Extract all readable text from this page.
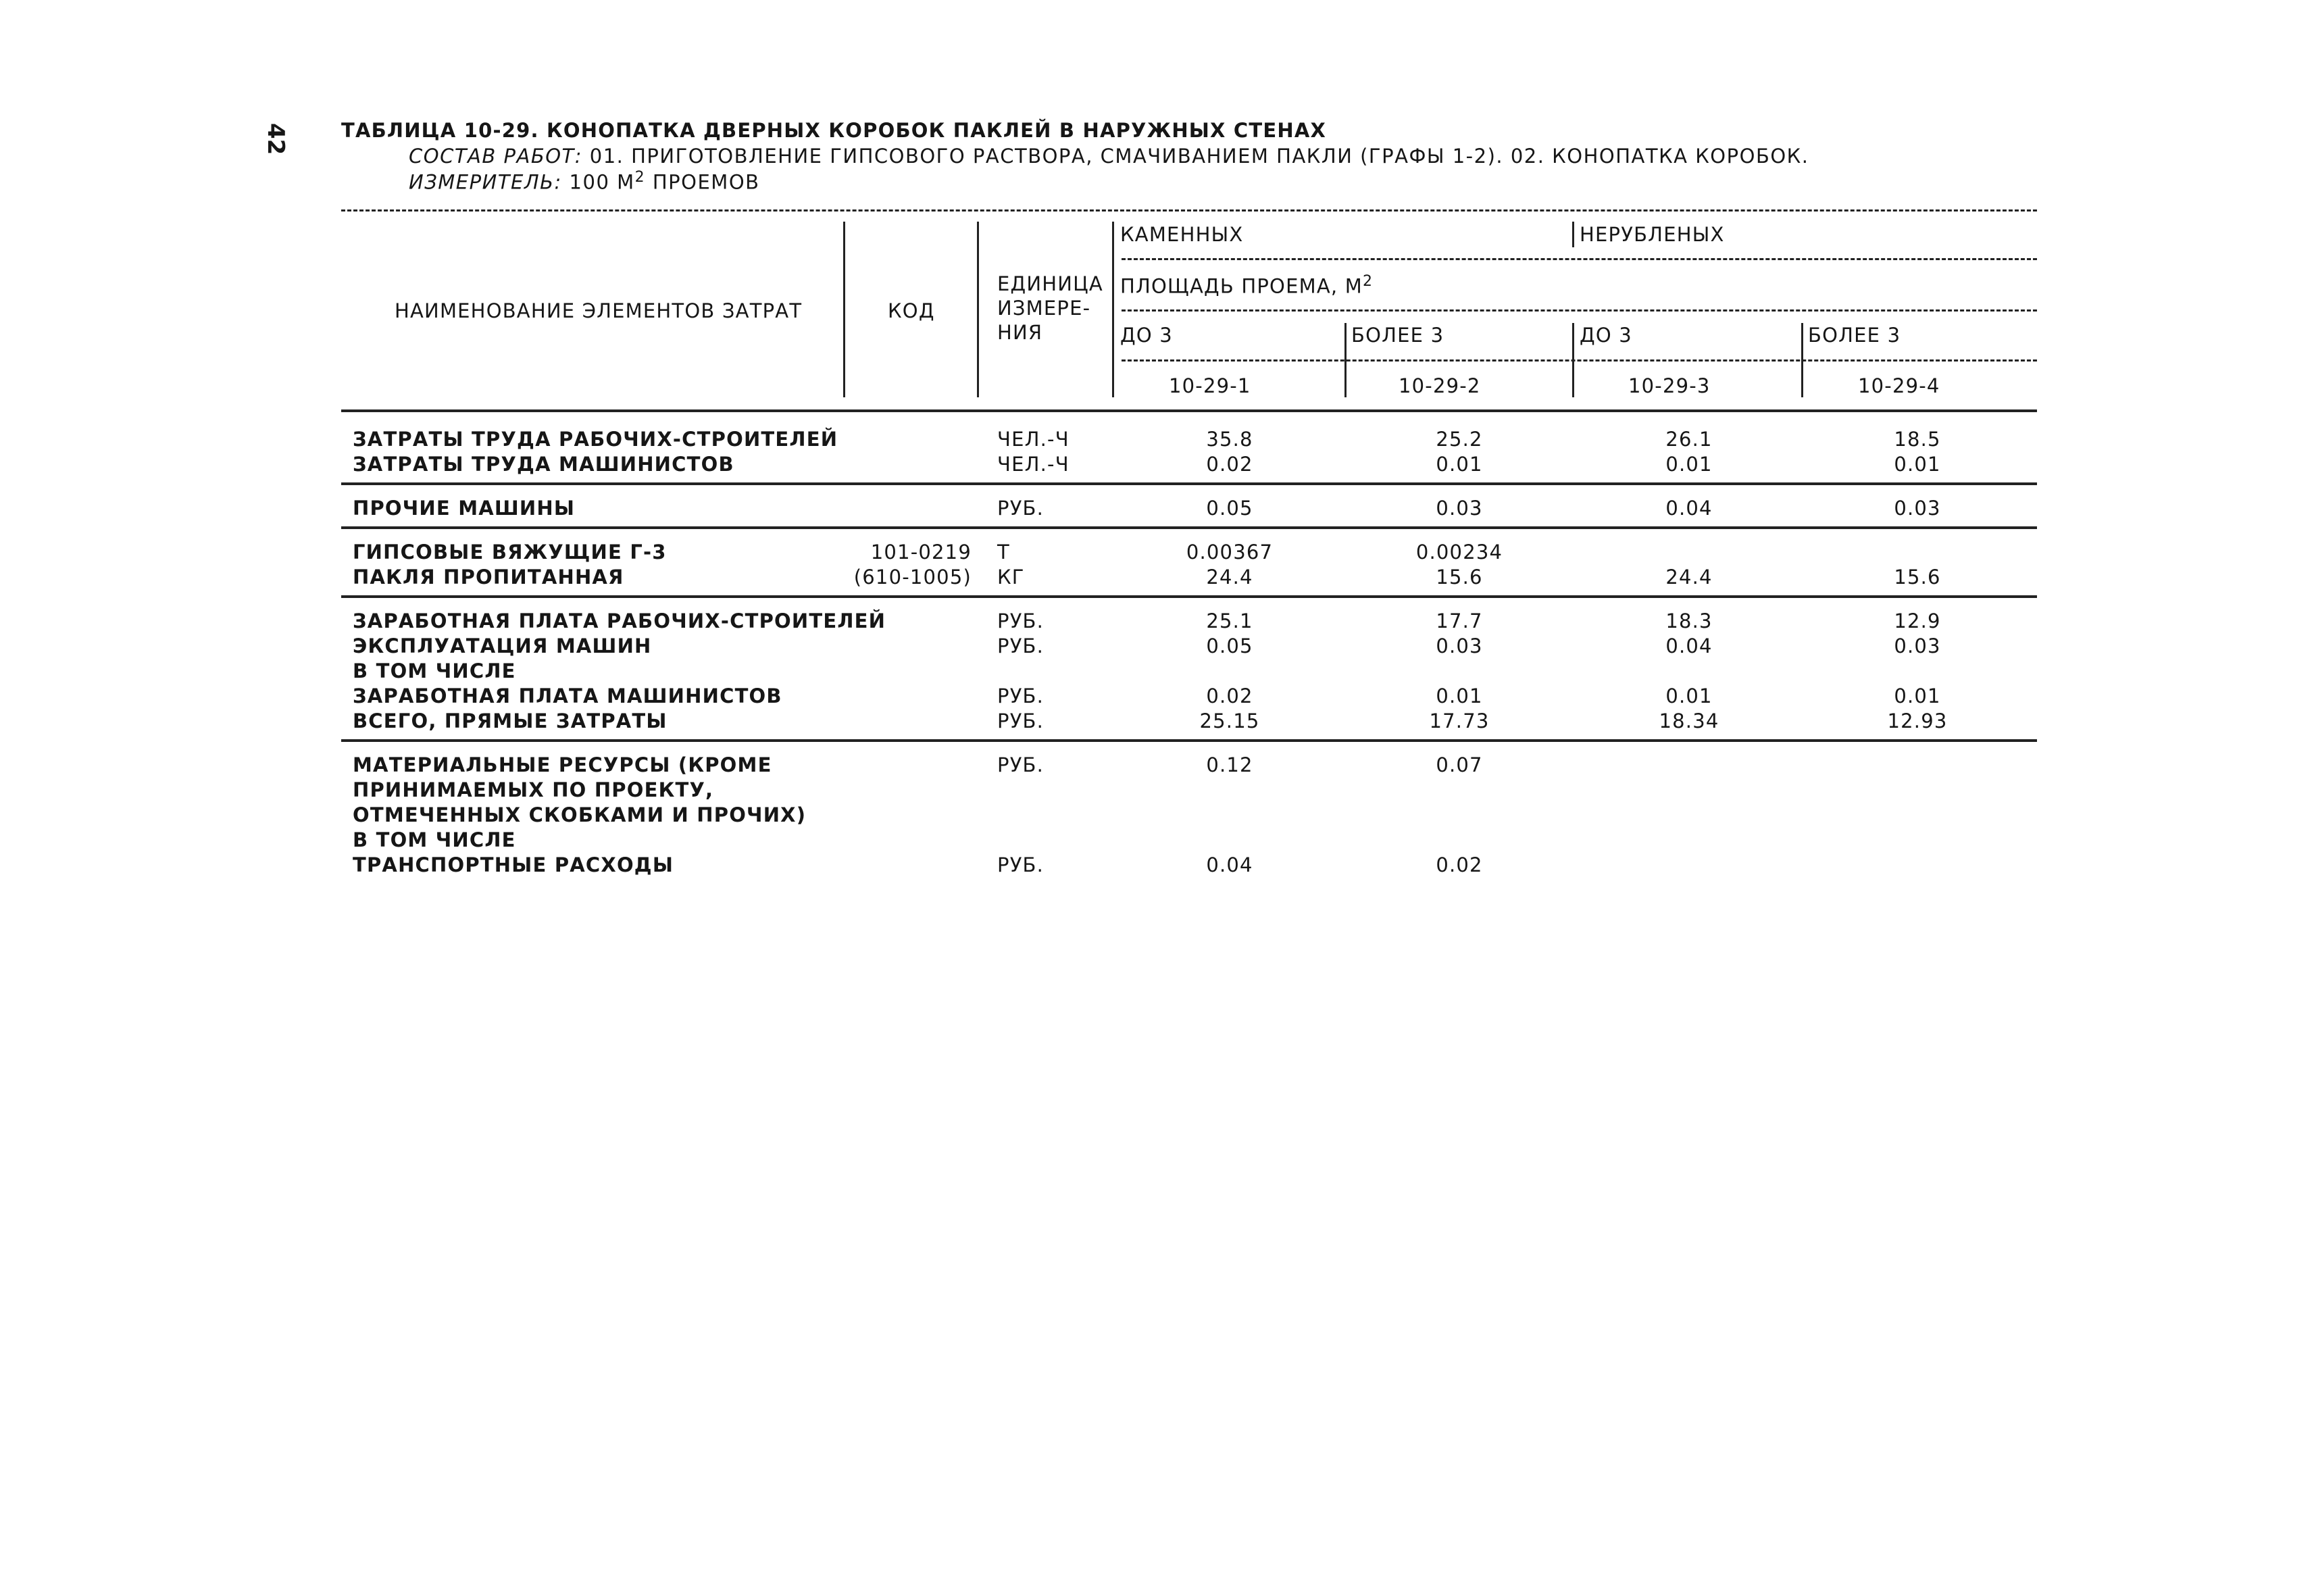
42	ТАБЛИЦА 10-29. КОНОПАТКА ДВЕРНЫХ КОРОБОК ПАКЛЕЙ В НАРУЖНЫХ СТЕНАХ
СОСТАВ РАБОТ: 01. ПРИГОТОВЛЕНИЕ ГИПСОВОГО РАСТВОРА, СМАЧИВАНИЕМ ПАКЛИ (ГРАФЫ 1-2). 02. КОНОПАТКА КОРОБОК.
ИЗМЕРИТЕЛЬ: 100 $М^2$ ПРОЕМОВ
НАИМЕНОВАНИЕ ЭЛЕМЕНТОВ ЗАТРАТ	КОД
ЕДИНИЦА
ИЗМЕРЕ-
НИЯ
КАМЕННЫХ	НЕРУБЛЕНЫХ
ПЛОЩАДЬ ПРОЕМА, $М^2$
ДО 3	БОЛЕЕ 3	ДО 3	БОЛЕЕ 3
10-29-1	10-29-2	10-29-3	10-29-4
ЗАТРАТЫ ТРУДА РАБОЧИХ-СТРОИТЕЛЕЙ	ЧЕЛ.-Ч	35.8	25.2	26.1	18.5
ЗАТРАТЫ ТРУДА МАШИНИСТОВ	ЧЕЛ.-Ч	0.02	0.01	0.01	0.01
ПРОЧИЕ МАШИНЫ	РУБ.	0.05	0.03	0.04	0.03
ГИПСОВЫЕ ВЯЖУЩИЕ Г-3	101-0219 Т	0.00367	0.00234
ПАКЛЯ ПРОПИТАННАЯ	(610-1005) КГ	24.4	15.6	24.4	15.6
ЗАРАБОТНАЯ ПЛАТА РАБОЧИХ-СТРОИТЕЛЕЙ	РУБ.	25.1	17.7	18.3	12.9
ЭКСПЛУАТАЦИЯ МАШИН	РУБ.	0.05	0.03	0.04	0.03
В ТОМ ЧИСЛЕ
ЗАРАБОТНАЯ ПЛАТА МАШИНИСТОВ	РУБ.	0.02	0.01	0.01	0.01
ВСЕГО, ПРЯМЫЕ ЗАТРАТЫ	РУБ.	25.15	17.73	18.34	12.93
МАТЕРИАЛЬНЫЕ РЕСУРСЫ (КРОМЕ	РУБ.	0.12	0.07
ПРИНИМАЕМЫХ ПО ПРОЕКТУ,
ОТМЕЧЕННЫХ СКОБКАМИ И ПРОЧИХ)
В ТОМ ЧИСЛЕ
ТРАНСПОРТНЫЕ РАСХОДЫ	РУБ.	0.04	0.02
